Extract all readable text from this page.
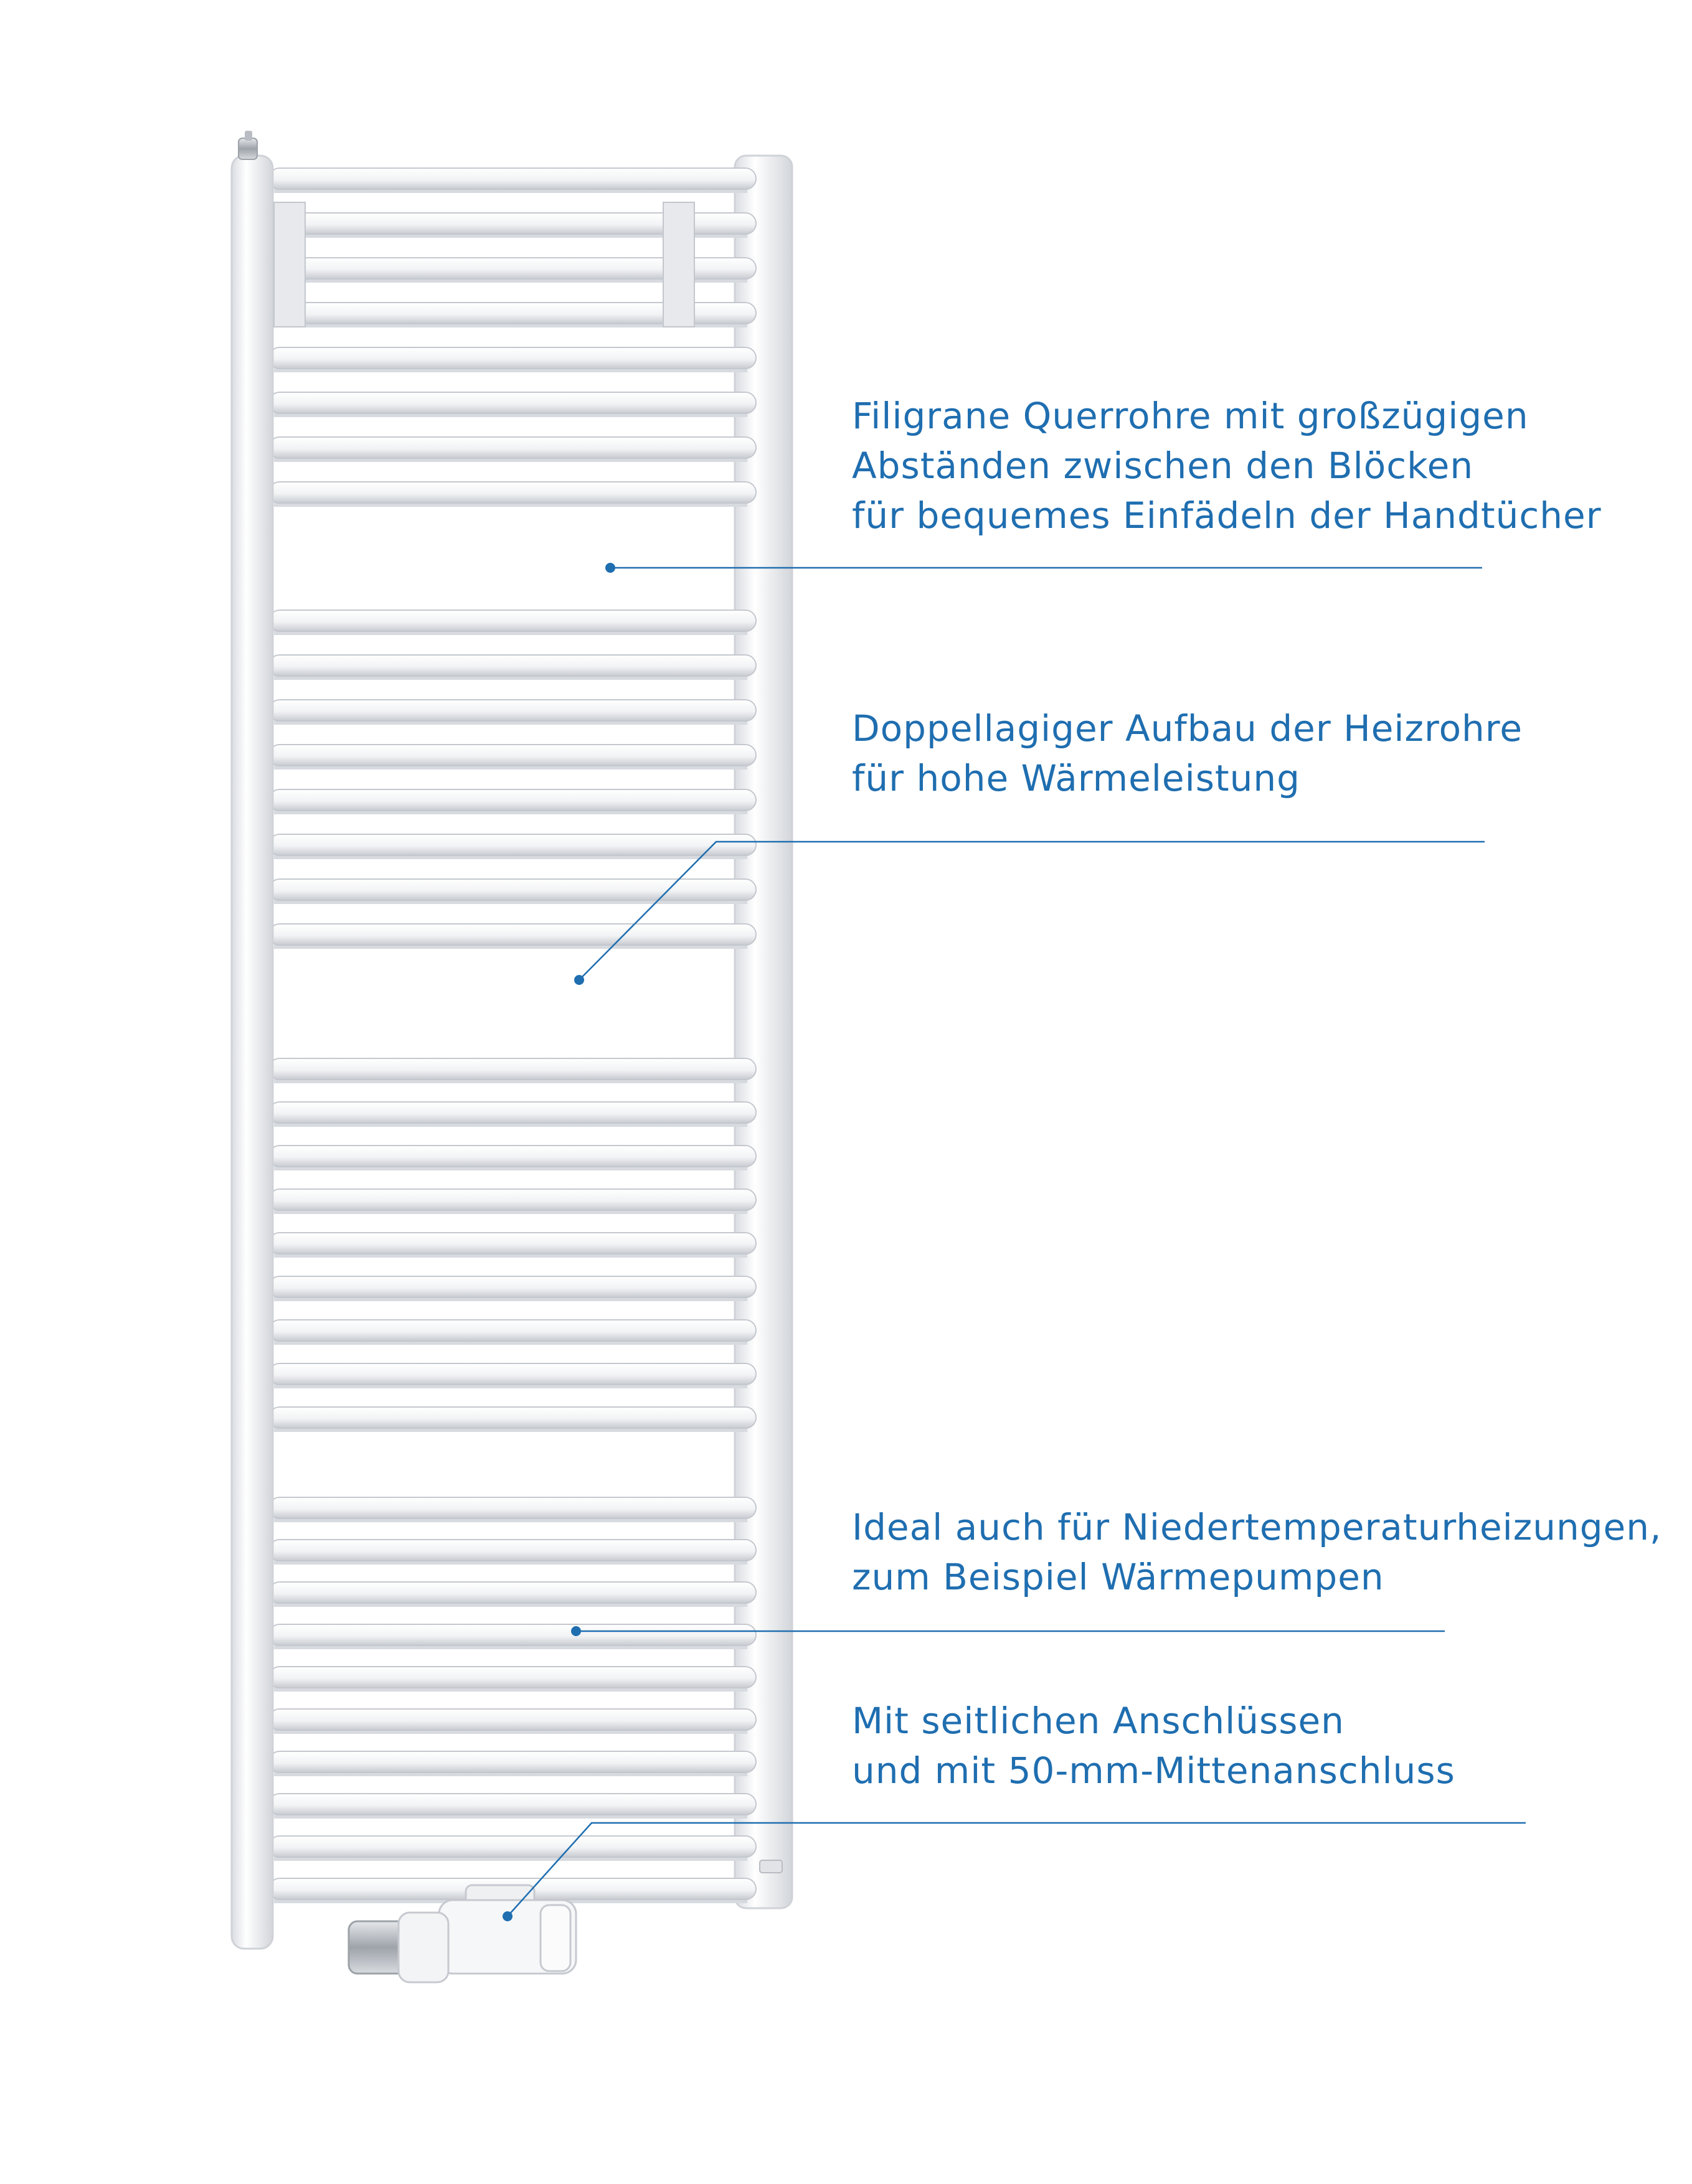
Filigrane Querrohre mit großzügigen
Abständen zwischen den Blöcken
für bequemes Einfädeln der Handtücher
Doppellagiger Aufbau der Heizrohre
für hohe Wärmeleistung
Ideal auch für Niedertemperaturheizungen,
zum Beispiel Wärmepumpen
Mit seitlichen Anschlüssen
und mit 50-mm-Mittenanschluss
